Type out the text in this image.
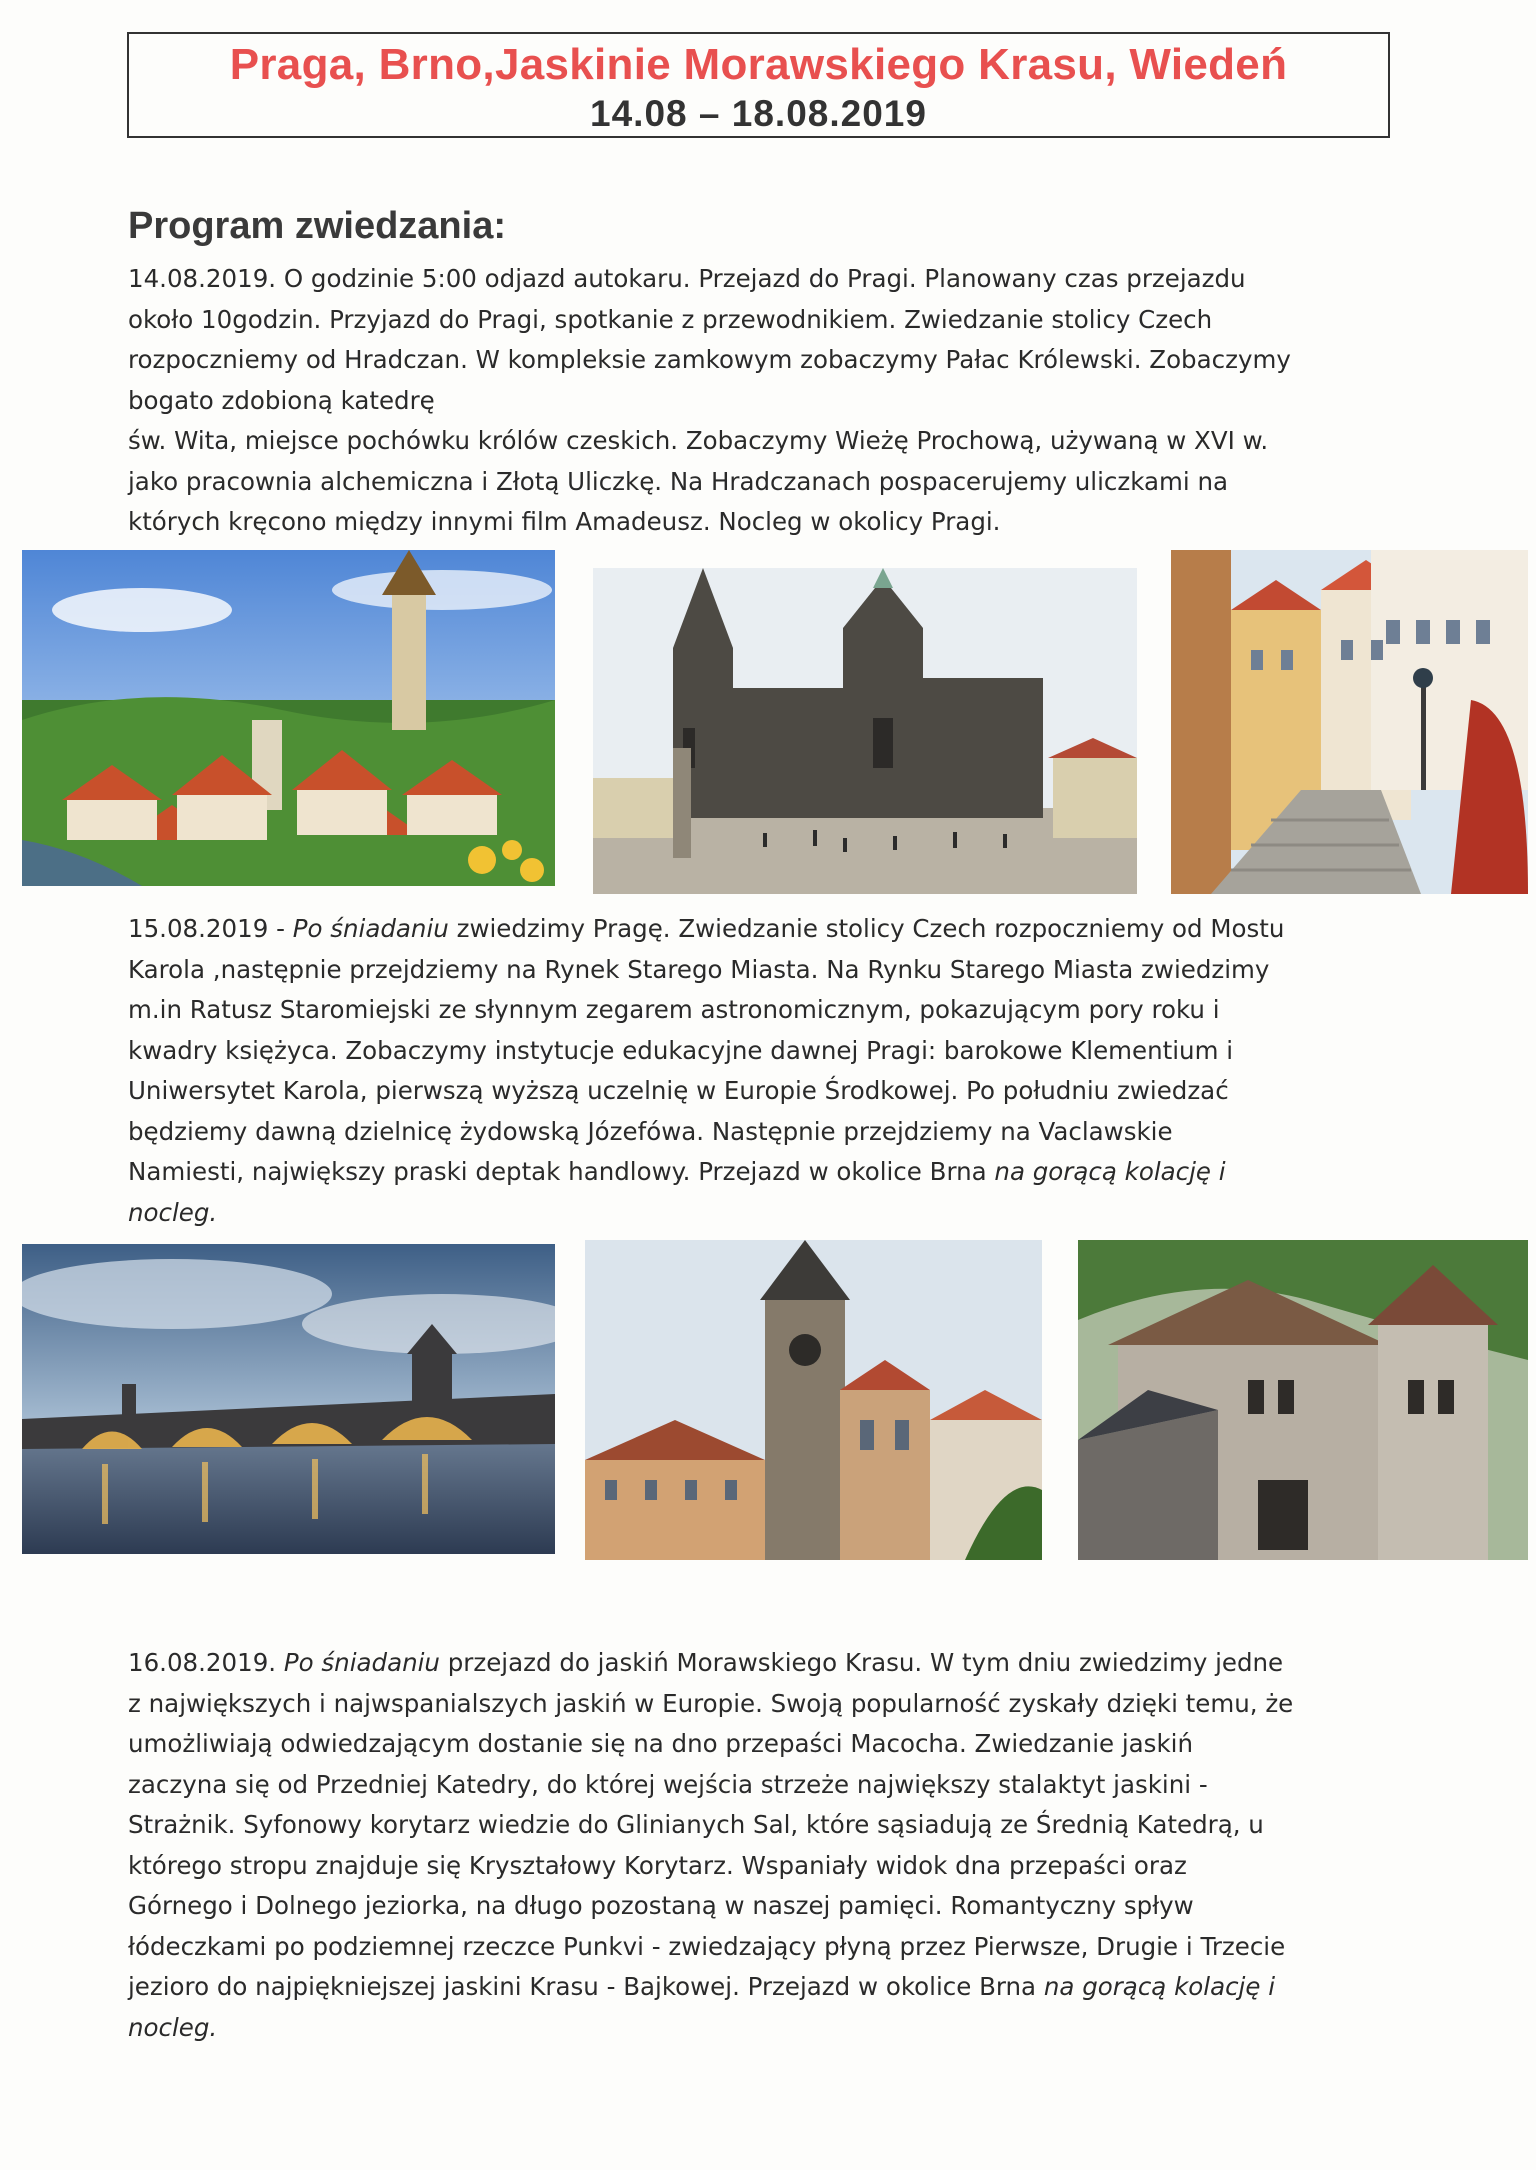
Praga, Brno,Jaskinie Morawskiego Krasu, Wiedeń
14.08 – 18.08.2019
Program zwiedzania:
14.08.2019. O godzinie 5:00 odjazd autokaru. Przejazd do Pragi. Planowany czas przejazdu
około 10godzin. Przyjazd do Pragi, spotkanie z przewodnikiem. Zwiedzanie stolicy Czech
rozpoczniemy od Hradczan. W kompleksie zamkowym zobaczymy Pałac Królewski. Zobaczymy
bogato zdobioną katedrę
św. Wita, miejsce pochówku królów czeskich. Zobaczymy Wieżę Prochową, używaną w XVI w.
jako pracownia alchemiczna i Złotą Uliczkę. Na Hradczanach pospacerujemy uliczkami na
których kręcono między innymi film Amadeusz. Nocleg w okolicy Pragi.
15.08.2019 - Po śniadaniu zwiedzimy Pragę. Zwiedzanie stolicy Czech rozpoczniemy od Mostu
Karola ,następnie przejdziemy na Rynek Starego Miasta. Na Rynku Starego Miasta zwiedzimy
m.in Ratusz Staromiejski ze słynnym zegarem astronomicznym, pokazującym pory roku i
kwadry księżyca. Zobaczymy instytucje edukacyjne dawnej Pragi: barokowe Klementium i
Uniwersytet Karola, pierwszą wyższą uczelnię w Europie Środkowej. Po południu zwiedzać
będziemy dawną dzielnicę żydowską Józefówa. Następnie przejdziemy na Vaclawskie
Namiesti, największy praski deptak handlowy. Przejazd w okolice Brna na gorącą kolację i
nocleg.
16.08.2019. Po śniadaniu przejazd do jaskiń Morawskiego Krasu. W tym dniu zwiedzimy jedne
z największych i najwspanialszych jaskiń w Europie. Swoją popularność zyskały dzięki temu, że
umożliwiają odwiedzającym dostanie się na dno przepaści Macocha. Zwiedzanie jaskiń
zaczyna się od Przedniej Katedry, do której wejścia strzeże największy stalaktyt jaskini -
Strażnik. Syfonowy korytarz wiedzie do Glinianych Sal, które sąsiadują ze Średnią Katedrą, u
którego stropu znajduje się Kryształowy Korytarz. Wspaniały widok dna przepaści oraz
Górnego i Dolnego jeziorka, na długo pozostaną w naszej pamięci. Romantyczny spływ
łódeczkami po podziemnej rzeczce Punkvi - zwiedzający płyną przez Pierwsze, Drugie i Trzecie
jezioro do najpiękniejszej jaskini Krasu - Bajkowej. Przejazd w okolice Brna na gorącą kolację i
nocleg.
